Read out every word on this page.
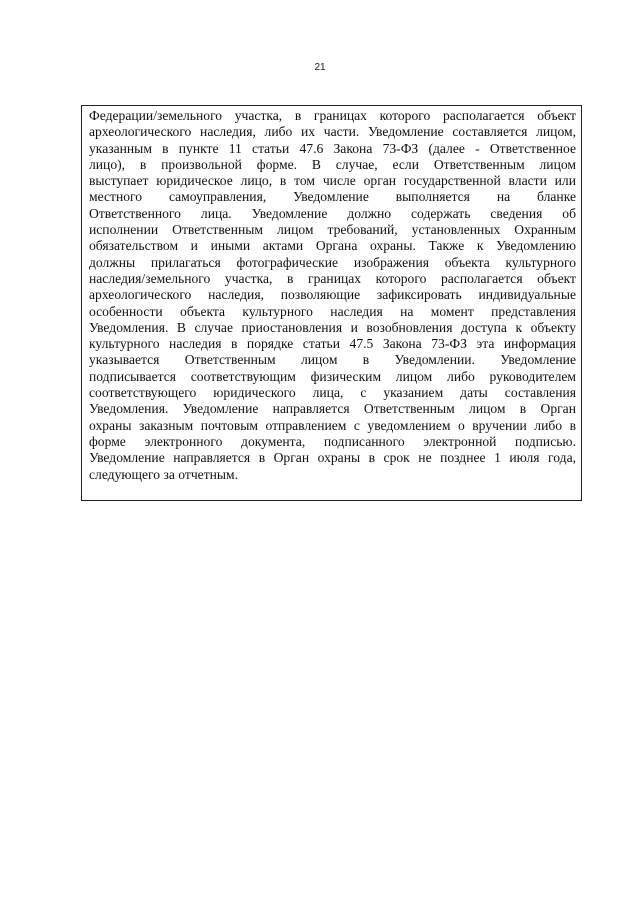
21
Федерации/земельного участка, в границах которого располагается объект
археологического наследия, либо их части. Уведомление составляется лицом,
указанным в пункте 11 статьи 47.6 Закона 73-ФЗ (далее - Ответственное
лицо), в произвольной форме. В случае, если Ответственным лицом
выступает юридическое лицо, в том числе орган государственной власти или
местного самоуправления, Уведомление выполняется на бланке
Ответственного лица. Уведомление должно содержать сведения об
исполнении Ответственным лицом требований, установленных Охранным
обязательством и иными актами Органа охраны. Также к Уведомлению
должны прилагаться фотографические изображения объекта культурного
наследия/земельного участка, в границах которого располагается объект
археологического наследия, позволяющие зафиксировать индивидуальные
особенности объекта культурного наследия на момент представления
Уведомления. В случае приостановления и возобновления доступа к объекту
культурного наследия в порядке статьи 47.5 Закона 73-ФЗ эта информация
указывается Ответственным лицом в Уведомлении. Уведомление
подписывается соответствующим физическим лицом либо руководителем
соответствующего юридического лица, с указанием даты составления
Уведомления. Уведомление направляется Ответственным лицом в Орган
охраны заказным почтовым отправлением с уведомлением о вручении либо в
форме электронного документа, подписанного электронной подписью.
Уведомление направляется в Орган охраны в срок не позднее 1 июля года,
следующего за отчетным.
